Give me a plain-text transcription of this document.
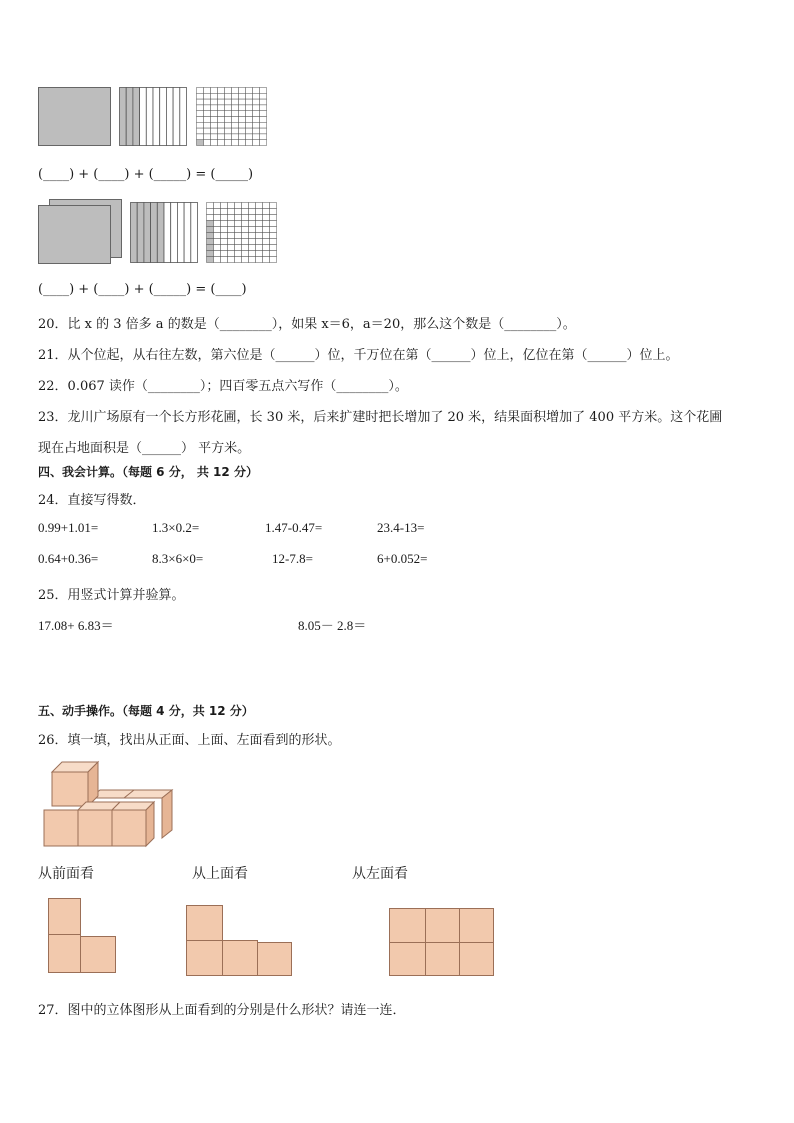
(____) + (____) + (_____) = (_____)
(____) + (____) + (_____) = (____)
20．比 x 的 3 倍多 a 的数是（________），如果 x＝6，a＝20，那么这个数是（________）。
21．从个位起，从右往左数，第六位是（______）位，千万位在第（______）位上，亿位在第（______）位上。
22．0.067 读作（________）；四百零五点六写作（________）。
23．龙川广场原有一个长方形花圃，长 30 米，后来扩建时把长增加了 20 米，结果面积增加了 400 平方米。这个花圃
现在占地面积是（______） 平方米。
四、我会计算。（每题 6 分， 共 12 分）
24．直接写得数．
0.99+1.01=	1.3×0.2=	1.47-0.47=	23.4-13=
0.64+0.36=	8.3×6×0=	12-7.8=	6+0.052=
25．用竖式计算并验算。
17.08+ 6.83＝	8.05－ 2.8＝
五、动手操作。（每题 4 分，共 12 分）
26．填一填，找出从正面、上面、左面看到的形状。
从前面看	从上面看	从左面看
27．图中的立体图形从上面看到的分别是什么形状？请连一连．
